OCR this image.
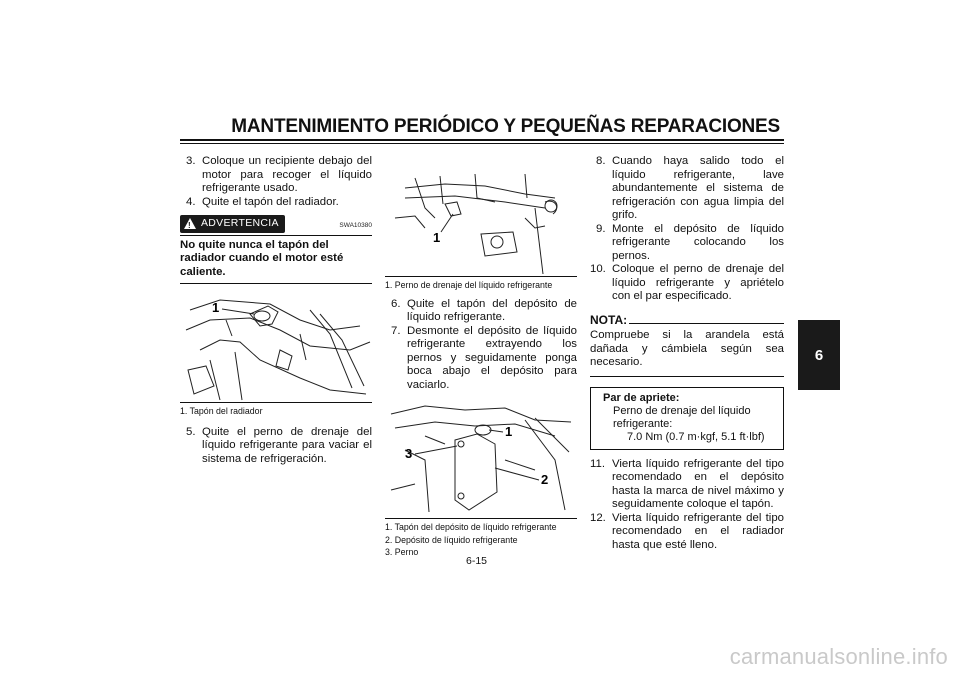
MANTENIMIENTO PERIÓDICO Y PEQUEÑAS REPARACIONES
6
3. Coloque un recipiente debajo del motor para recoger el líquido refrigerante usado.
4. Quite el tapón del radiador.
!
ADVERTENCIA	SWA10380
No quite nunca el tapón del radiador cuando el motor esté caliente.
1
1. Tapón del radiador
5. Quite el perno de drenaje del líquido refrigerante para vaciar el sistema de refrigeración.
1
1. Perno de drenaje del líquido refrigerante
6. Quite el tapón del depósito de líquido refrigerante.
7. Desmonte el depósito de líquido refrigerante extrayendo los pernos y seguidamente ponga boca abajo el depósito para vaciarlo.
1
2
3
1. Tapón del depósito de líquido refrigerante
2. Depósito de líquido refrigerante
3. Perno
8. Cuando haya salido todo el líquido refrigerante, lave abundantemente el sistema de refrigeración con agua limpia del grifo.
9. Monte el depósito de líquido refrigerante colocando los pernos.
10. Coloque el perno de drenaje del líquido refrigerante y apriételo con el par especificado.
NOTA:
Compruebe si la arandela está dañada y cámbiela según sea necesario.
Par de apriete:
Perno de drenaje del líquido refrigerante:
7.0 Nm (0.7 m·kgf, 5.1 ft·lbf)
11. Vierta líquido refrigerante del tipo recomendado en el depósito hasta la marca de nivel máximo y seguidamente coloque el tapón.
12. Vierta líquido refrigerante del tipo recomendado en el radiador hasta que esté lleno.
6-15
carmanualsonline.info
